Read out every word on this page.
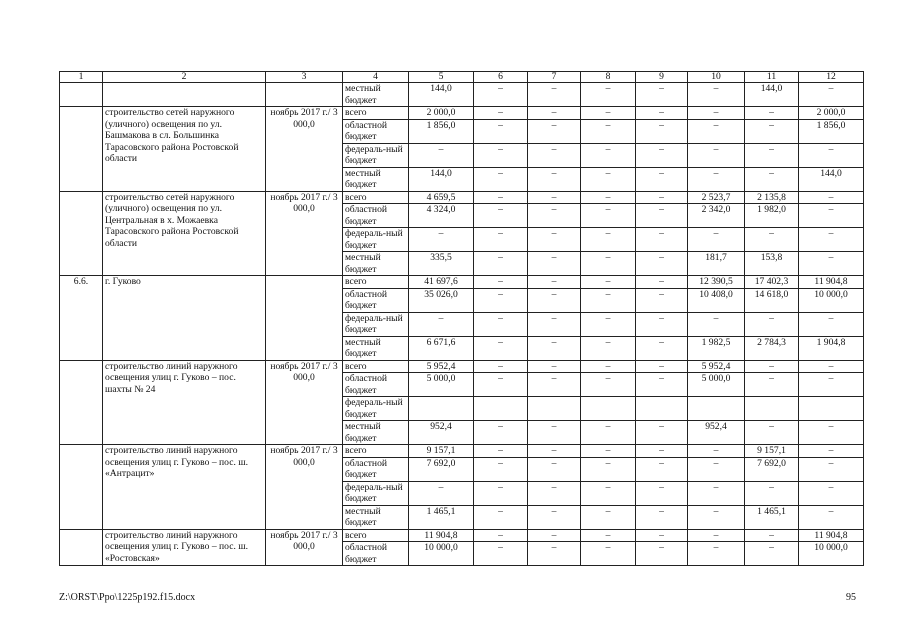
1	2	3	4	5	6	7	8	9	10	11	12
			местный бюджет	144,0	–	–	–	–	–	144,0	–
	строительство сетей наружного (уличного) освещения по ул. Башмакова в сл. Большинка Тарасовского района Ростовской области	ноябрь 2017 г./ 3 000,0	всего	2 000,0	–	–	–	–	–	–	2 000,0
			областной бюджет	1 856,0	–	–	–	–	–	–	1 856,0
			федераль-ный бюджет	–	–	–	–	–	–	–	–
			местный бюджет	144,0	–	–	–	–	–	–	144,0
	строительство сетей наружного (уличного) освещения по ул. Центральная в х. Можаевка Тарасовского района Ростовской области	ноябрь 2017 г./ 3 000,0	всего	4 659,5	–	–	–	–	2 523,7	2 135,8	–
			областной бюджет	4 324,0	–	–	–	–	2 342,0	1 982,0	–
			федераль-ный бюджет	–	–	–	–	–	–	–	–
			местный бюджет	335,5	–	–	–	–	181,7	153,8	–
6.6.	г. Гуково		всего	41 697,6	–	–	–	–	12 390,5	17 402,3	11 904,8
			областной бюджет	35 026,0	–	–	–	–	10 408,0	14 618,0	10 000,0
			федераль-ный бюджет	–	–	–	–	–	–	–	–
			местный бюджет	6 671,6	–	–	–	–	1 982,5	2 784,3	1 904,8
	строительство линий наружного освещения улиц г. Гуково – пос. шахты № 24	ноябрь 2017 г./ 3 000,0	всего	5 952,4	–	–	–	–	5 952,4	–	–
			областной бюджет	5 000,0	–	–	–	–	5 000,0	–	–
			федераль-ный бюджет								
			местный бюджет	952,4	–	–	–	–	952,4	–	–
	строительство линий наружного освещения улиц г. Гуково – пос. ш. «Антрацит»	ноябрь 2017 г./ 3 000,0	всего	9 157,1	–	–	–	–	–	9 157,1	–
			областной бюджет	7 692,0	–	–	–	–	–	7 692,0	–
			федераль-ный бюджет	–	–	–	–	–	–	–	–
			местный бюджет	1 465,1	–	–	–	–	–	1 465,1	–
	строительство линий наружного освещения улиц г. Гуково – пос. ш. «Ростовская»	ноябрь 2017 г./ 3 000,0	всего	11 904,8	–	–	–	–	–	–	11 904,8
			областной бюджет	10 000,0	–	–	–	–	–	–	10 000,0
Z:\ORST\Ppo\1225p192.f15.docx	95
